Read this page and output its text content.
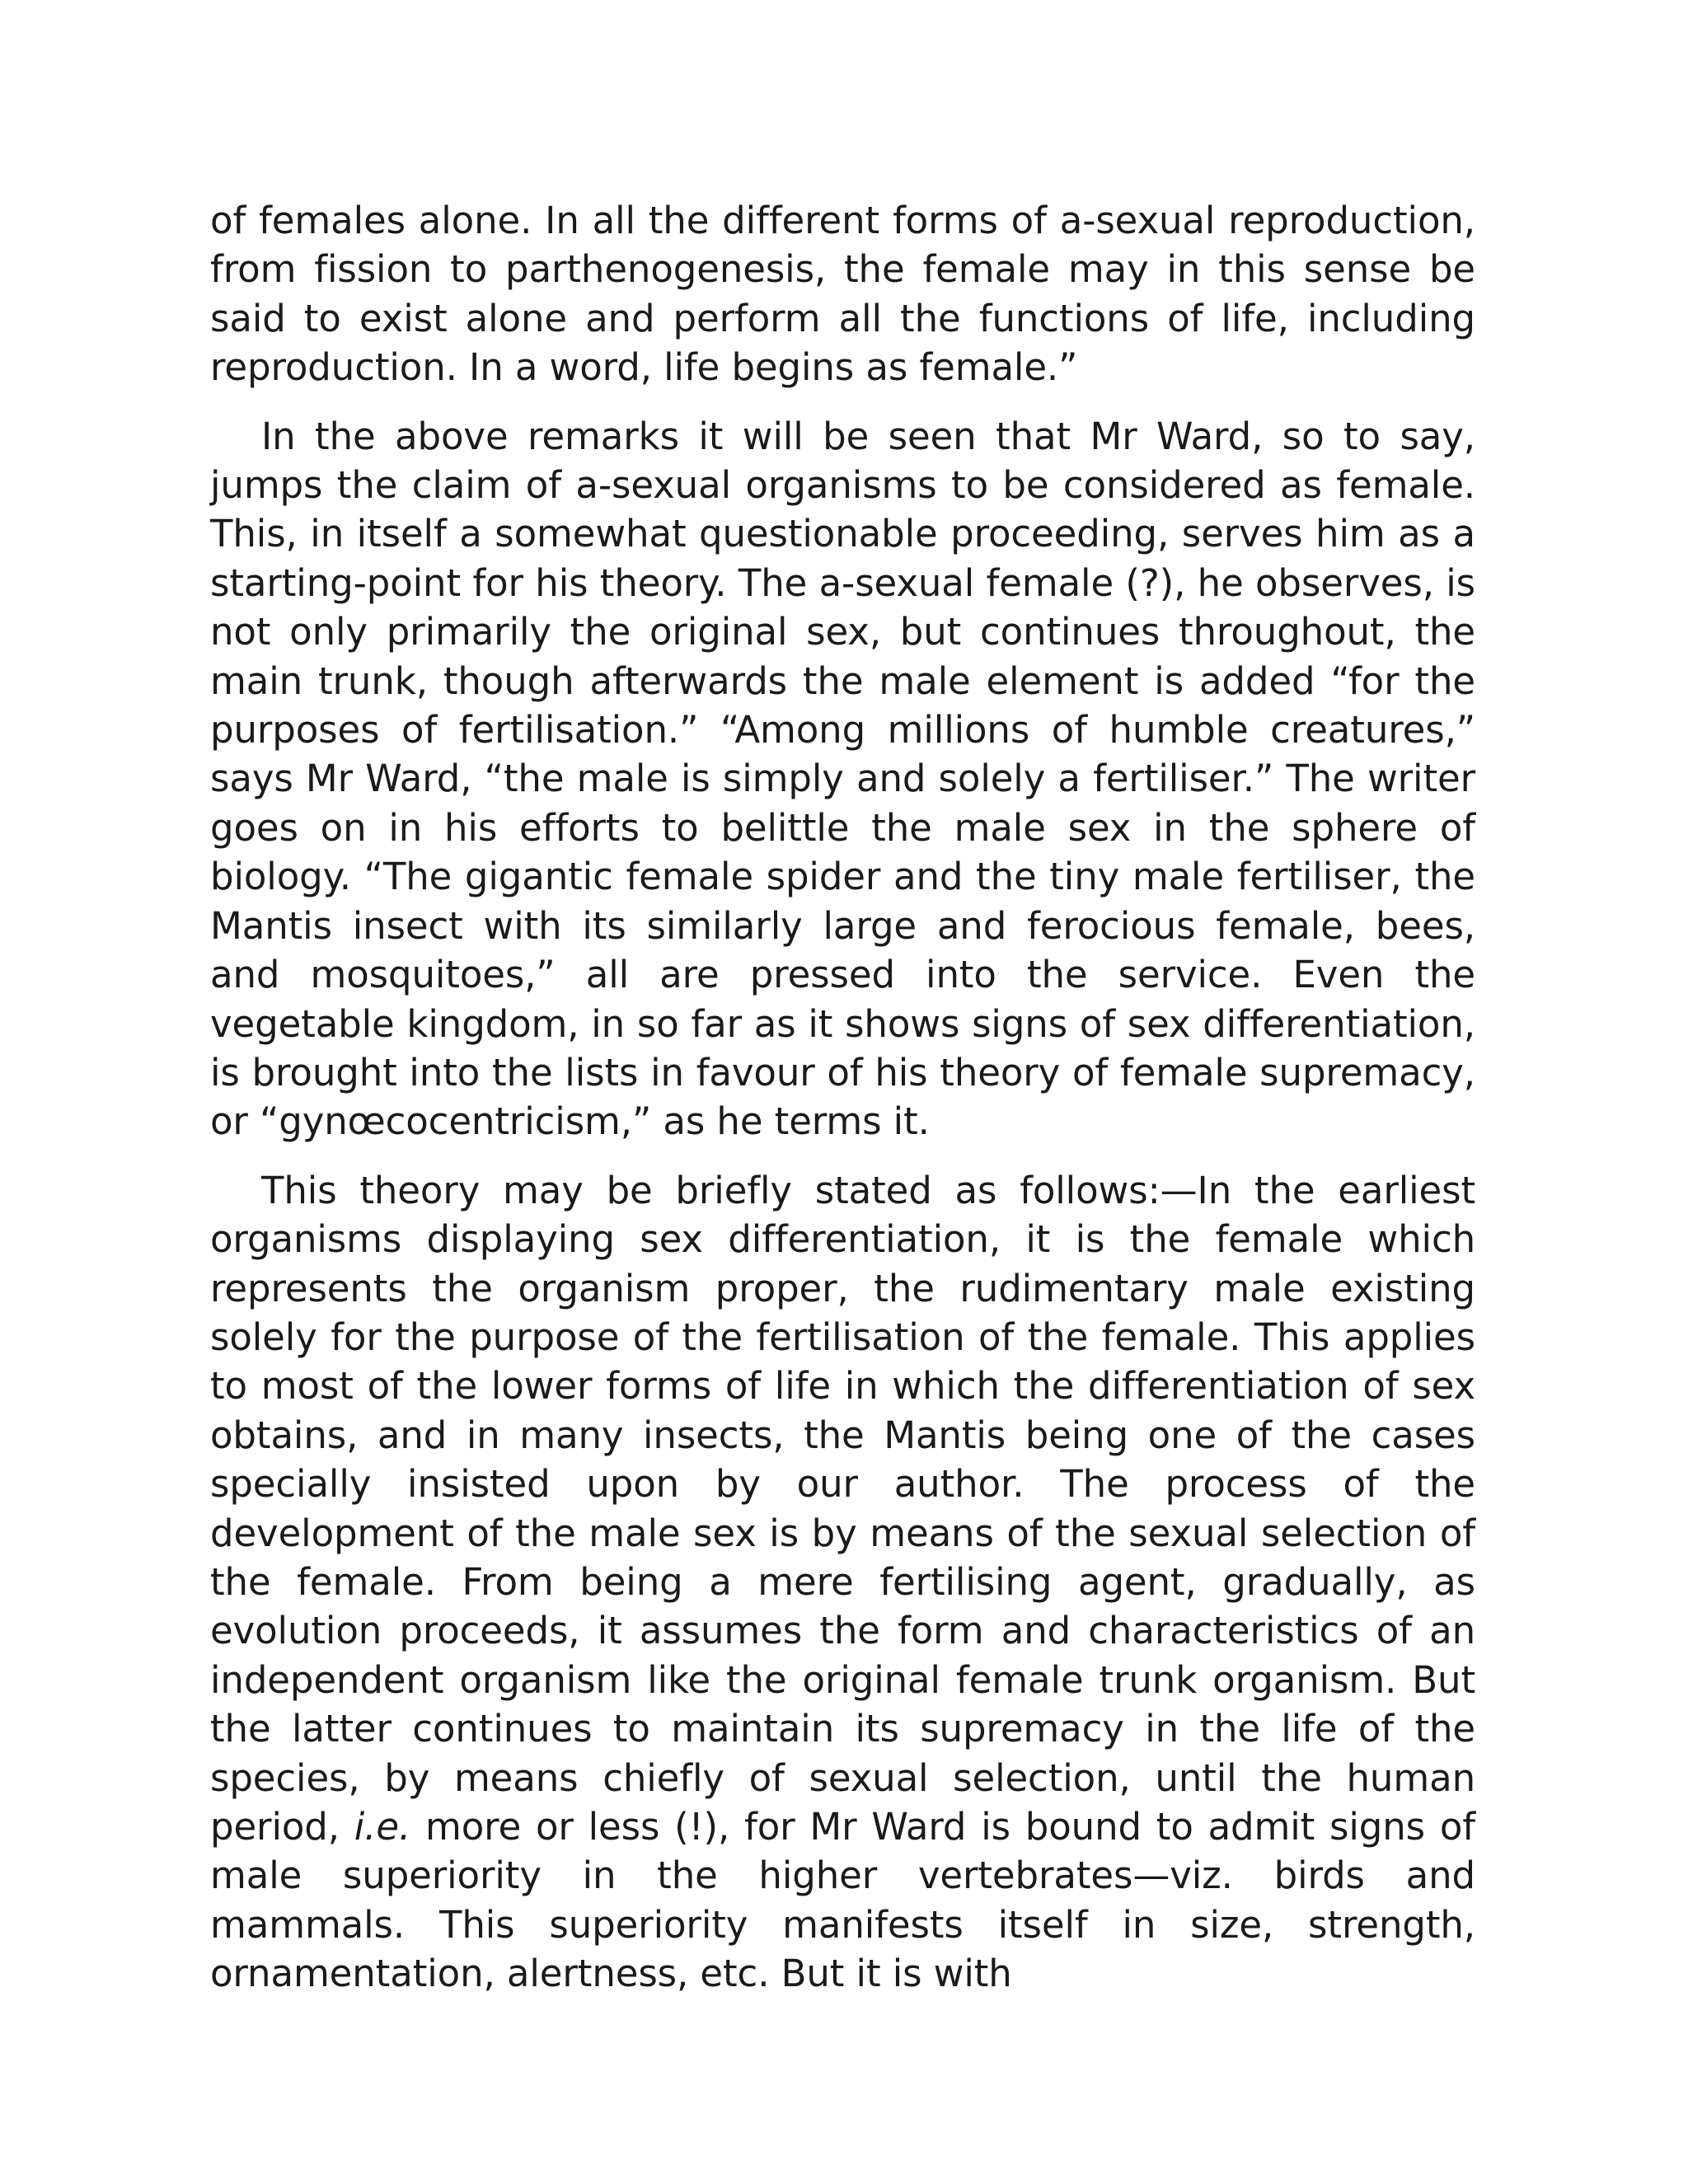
of females alone. In all the different forms of a-sexual reproduction, from fission to parthenogenesis, the female may in this sense be said to exist alone and perform all the functions of life, including reproduction. In a word, life begins as female.”

In the above remarks it will be seen that Mr Ward, so to say, jumps the claim of a-sexual organisms to be considered as female. This, in itself a somewhat questionable proceeding, serves him as a starting-point for his theory. The a-sexual female (?), he observes, is not only primarily the original sex, but continues throughout, the main trunk, though afterwards the male element is added “for the purposes of fertilisation.” “Among millions of humble creatures,” says Mr Ward, “the male is simply and solely a fertiliser.” The writer goes on in his efforts to belittle the male sex in the sphere of biology. “The gigantic female spider and the tiny male fertiliser, the Mantis insect with its similarly large and ferocious female, bees, and mosquitoes,” all are pressed into the service. Even the vegetable kingdom, in so far as it shows signs of sex differentiation, is brought into the lists in favour of his theory of female supremacy, or “gynœcocentricism,” as he terms it.

This theory may be briefly stated as follows:—In the earliest organisms displaying sex differentiation, it is the female which represents the organism proper, the rudimentary male existing solely for the purpose of the fertilisation of the female. This applies to most of the lower forms of life in which the differentiation of sex obtains, and in many insects, the Mantis being one of the cases specially insisted upon by our author. The process of the development of the male sex is by means of the sexual selection of the female. From being a mere fertilising agent, gradually, as evolution proceeds, it assumes the form and characteristics of an independent organism like the original female trunk organism. But the latter continues to maintain its supremacy in the life of the species, by means chiefly of sexual selection, until the human period, i.e. more or less (!), for Mr Ward is bound to admit signs of male superiority in the higher vertebrates—viz. birds and mammals. This superiority manifests itself in size, strength, ornamentation, alertness, etc. But it is with
